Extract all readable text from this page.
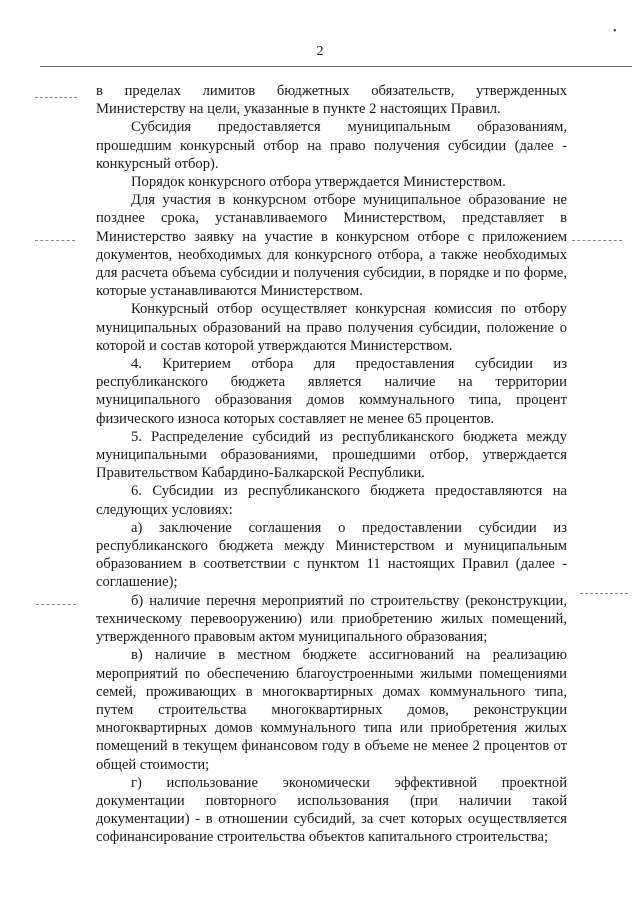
•
2

в пределах лимитов бюджетных обязательств, утвержденных Министерству на цели, указанные в пункте 2 настоящих Правил.

Субсидия предоставляется муниципальным образованиям, прошедшим конкурсный отбор на право получения субсидии (далее - конкурсный отбор).

Порядок конкурсного отбора утверждается Министерством.

Для участия в конкурсном отборе муниципальное образование не позднее срока, устанавливаемого Министерством, представляет в Министерство заявку на участие в конкурсном отборе с приложением документов, необходимых для конкурсного отбора, а также необходимых для расчета объема субсидии и получения субсидии, в порядке и по форме, которые устанавливаются Министерством.

Конкурсный отбор осуществляет конкурсная комиссия по отбору муниципальных образований на право получения субсидии, положение о которой и состав которой утверждаются Министерством.

4. Критерием отбора для предоставления субсидии из республиканского бюджета является наличие на территории муниципального образования домов коммунального типа, процент физического износа которых составляет не менее 65 процентов.

5. Распределение субсидий из республиканского бюджета между муниципальными образованиями, прошедшими отбор, утверждается Правительством Кабардино-Балкарской Республики.

6. Субсидии из республиканского бюджета предоставляются на следующих условиях:

а) заключение соглашения о предоставлении субсидии из республиканского бюджета между Министерством и муниципальным образованием в соответствии с пунктом 11 настоящих Правил (далее - соглашение);

б) наличие перечня мероприятий по строительству (реконструкции, техническому перевооружению) или приобретению жилых помещений, утвержденного правовым актом муниципального образования;

в) наличие в местном бюджете ассигнований на реализацию мероприятий по обеспечению благоустроенными жилыми помещениями семей, проживающих в многоквартирных домах коммунального типа, путем строительства многоквартирных домов, реконструкции многоквартирных домов коммунального типа или приобретения жилых помещений в текущем финансовом году в объеме не менее 2 процентов от общей стоимости;

г) использование экономически эффективной проектной документации повторного использования (при наличии такой документации) - в отношении субсидий, за счет которых осуществляется софинансирование строительства объектов капитального строительства;
